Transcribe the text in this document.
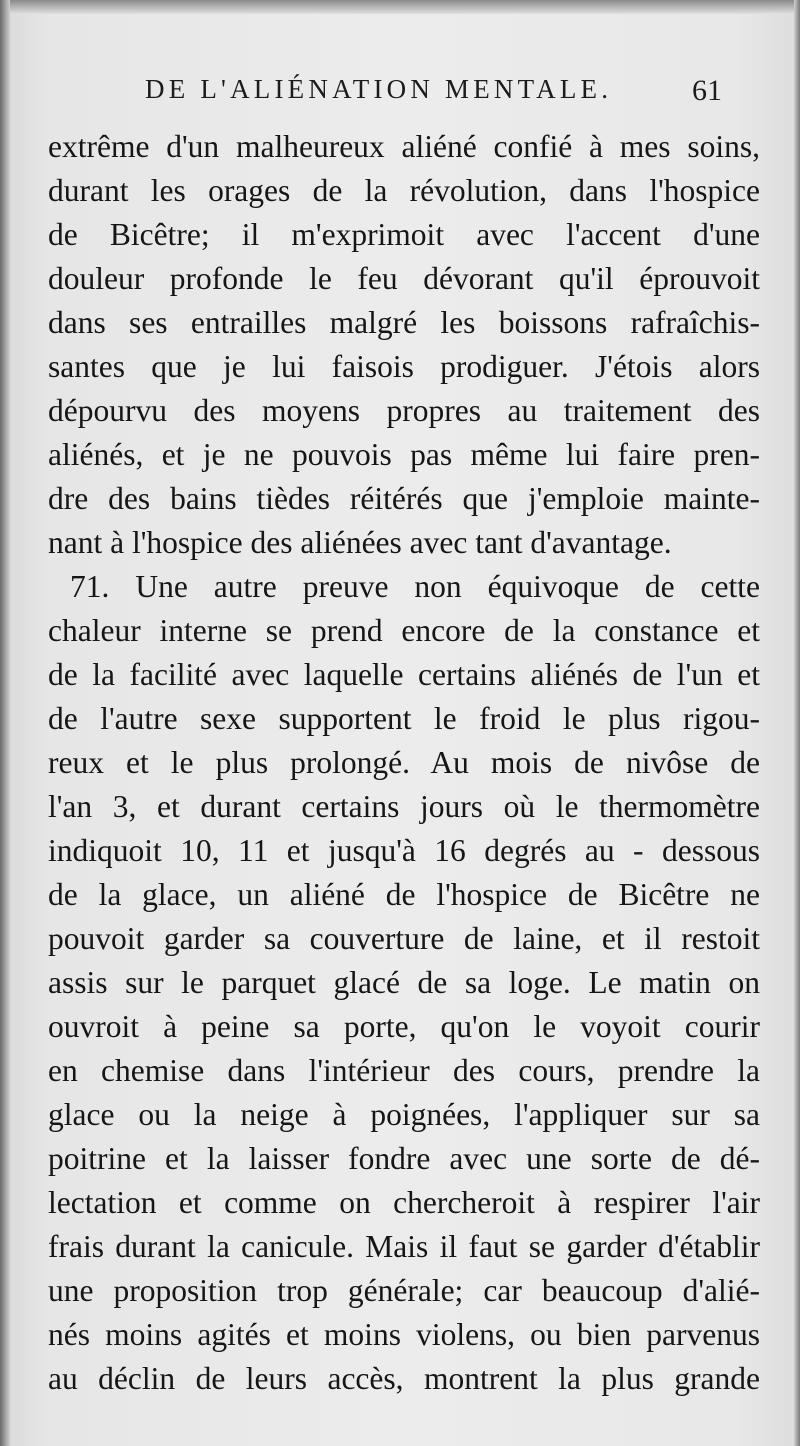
DE L'ALIÉNATION MENTALE.	61
extrême d'un malheureux aliéné confié à mes soins,
durant les orages de la révolution, dans l'hospice
de Bicêtre; il m'exprimoit avec l'accent d'une
douleur profonde le feu dévorant qu'il éprouvoit
dans ses entrailles malgré les boissons rafraîchis-
santes que je lui faisois prodiguer. J'étois alors
dépourvu des moyens propres au traitement des
aliénés, et je ne pouvois pas même lui faire pren-
dre des bains tièdes réitérés que j'emploie mainte-
nant à l'hospice des aliénées avec tant d'avantage.
71. Une autre preuve non équivoque de cette
chaleur interne se prend encore de la constance et
de la facilité avec laquelle certains aliénés de l'un et
de l'autre sexe supportent le froid le plus rigou-
reux et le plus prolongé. Au mois de nivôse de
l'an 3, et durant certains jours où le thermomètre
indiquoit 10, 11 et jusqu'à 16 degrés au - dessous
de la glace, un aliéné de l'hospice de Bicêtre ne
pouvoit garder sa couverture de laine, et il restoit
assis sur le parquet glacé de sa loge. Le matin on
ouvroit à peine sa porte, qu'on le voyoit courir
en chemise dans l'intérieur des cours, prendre la
glace ou la neige à poignées, l'appliquer sur sa
poitrine et la laisser fondre avec une sorte de dé-
lectation et comme on chercheroit à respirer l'air
frais durant la canicule. Mais il faut se garder d'établir
une proposition trop générale; car beaucoup d'alié-
nés moins agités et moins violens, ou bien parvenus
au déclin de leurs accès, montrent la plus grande
